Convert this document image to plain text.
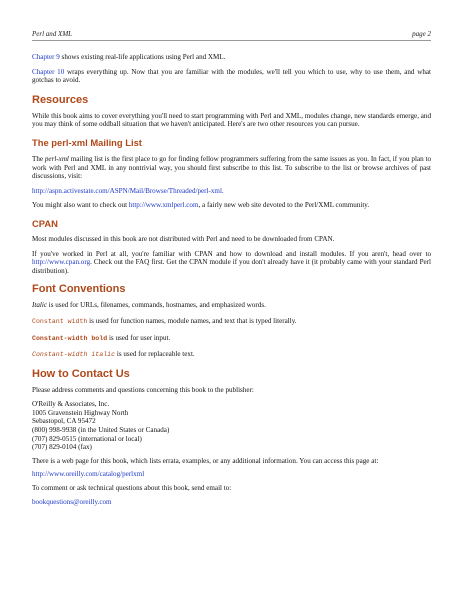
Perl and XML	page 2

Chapter 9 shows existing real-life applications using Perl and XML.

Chapter 10 wraps everything up. Now that you are familiar with the modules, we'll tell you which to use, why to use them, and what gotchas to avoid.

Resources

While this book aims to cover everything you'll need to start programming with Perl and XML, modules change, new standards emerge, and you may think of some oddball situation that we haven't anticipated. Here's are two other resources you can pursue.

The perl-xml Mailing List

The perl-xml mailing list is the first place to go for finding fellow programmers suffering from the same issues as you. In fact, if you plan to work with Perl and XML in any nontrivial way, you should first subscribe to this list. To subscribe to the list or browse archives of past discussions, visit:

http://aspn.activestate.com/ASPN/Mail/Browse/Threaded/perl-xml.

You might also want to check out http://www.xmlperl.com, a fairly new web site devoted to the Perl/XML community.

CPAN

Most modules discussed in this book are not distributed with Perl and need to be downloaded from CPAN.

If you've worked in Perl at all, you're familiar with CPAN and how to download and install modules. If you aren't, head over to http://www.cpan.org. Check out the FAQ first. Get the CPAN module if you don't already have it (it probably came with your standard Perl distribution).

Font Conventions

Italic is used for URLs, filenames, commands, hostnames, and emphasized words.

Constant width is used for function names, module names, and text that is typed literally.

Constant-width bold is used for user input.

Constant-width italic is used for replaceable text.

How to Contact Us

Please address comments and questions concerning this book to the publisher:

O'Reilly & Associates, Inc.

1005 Gravenstein Highway North

Sebastopol, CA 95472

(800) 998-9938 (in the United States or Canada)

(707) 829-0515 (international or local)

(707) 829-0104 (fax)

There is a web page for this book, which lists errata, examples, or any additional information. You can access this page at:

http://www.oreilly.com/catalog/perlxml

To comment or ask technical questions about this book, send email to:

bookquestions@oreilly.com
